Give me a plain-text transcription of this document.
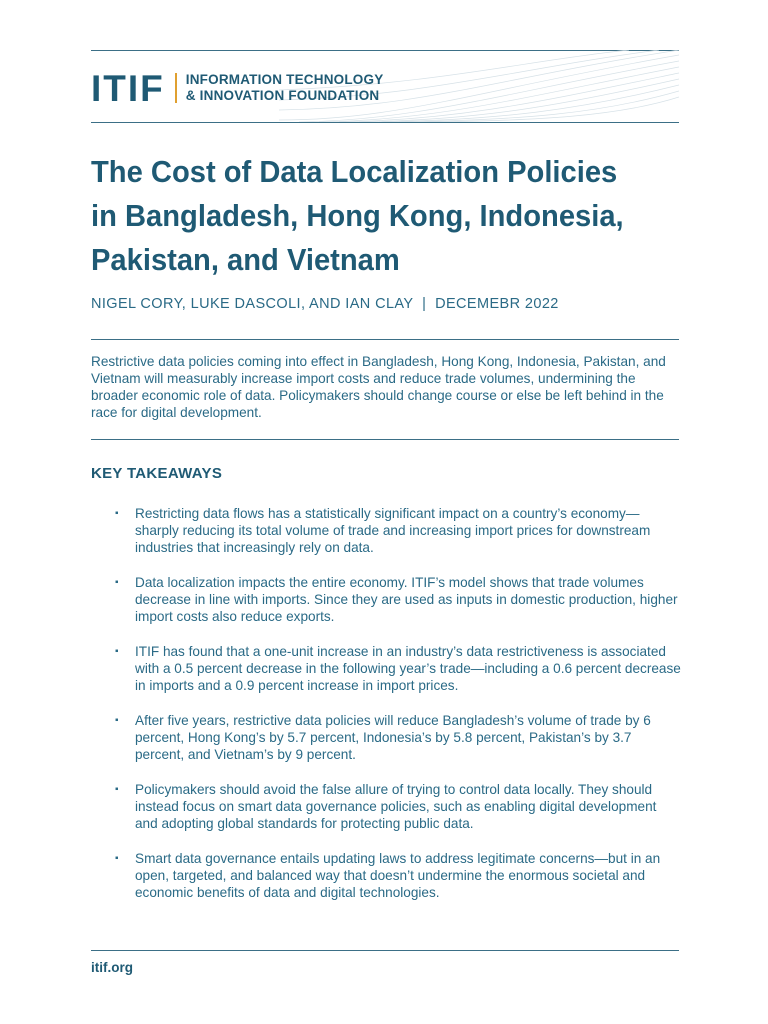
ITIF INFORMATION TECHNOLOGY
& INNOVATION FOUNDATION
The Cost of Data Localization Policies
in Bangladesh, Hong Kong, Indonesia,
Pakistan, and Vietnam
NIGEL CORY, LUKE DASCOLI, AND IAN CLAY  |  DECEMEBR 2022

Restrictive data policies coming into effect in Bangladesh, Hong Kong, Indonesia, Pakistan, and Vietnam will measurably increase import costs and reduce trade volumes, undermining the broader economic role of data. Policymakers should change course or else be left behind in the race for digital development.

KEY TAKEAWAYS
▪ Restricting data flows has a statistically significant impact on a country’s economy—sharply reducing its total volume of trade and increasing import prices for downstream industries that increasingly rely on data.
▪ Data localization impacts the entire economy. ITIF’s model shows that trade volumes decrease in line with imports. Since they are used as inputs in domestic production, higher import costs also reduce exports.
▪ ITIF has found that a one-unit increase in an industry’s data restrictiveness is associated with a 0.5 percent decrease in the following year’s trade—including a 0.6 percent decrease in imports and a 0.9 percent increase in import prices.
▪ After five years, restrictive data policies will reduce Bangladesh’s volume of trade by 6 percent, Hong Kong’s by 5.7 percent, Indonesia’s by 5.8 percent, Pakistan’s by 3.7 percent, and Vietnam’s by 9 percent.
▪ Policymakers should avoid the false allure of trying to control data locally. They should instead focus on smart data governance policies, such as enabling digital development and adopting global standards for protecting public data.
▪ Smart data governance entails updating laws to address legitimate concerns—but in an open, targeted, and balanced way that doesn’t undermine the enormous societal and economic benefits of data and digital technologies.
itif.org
